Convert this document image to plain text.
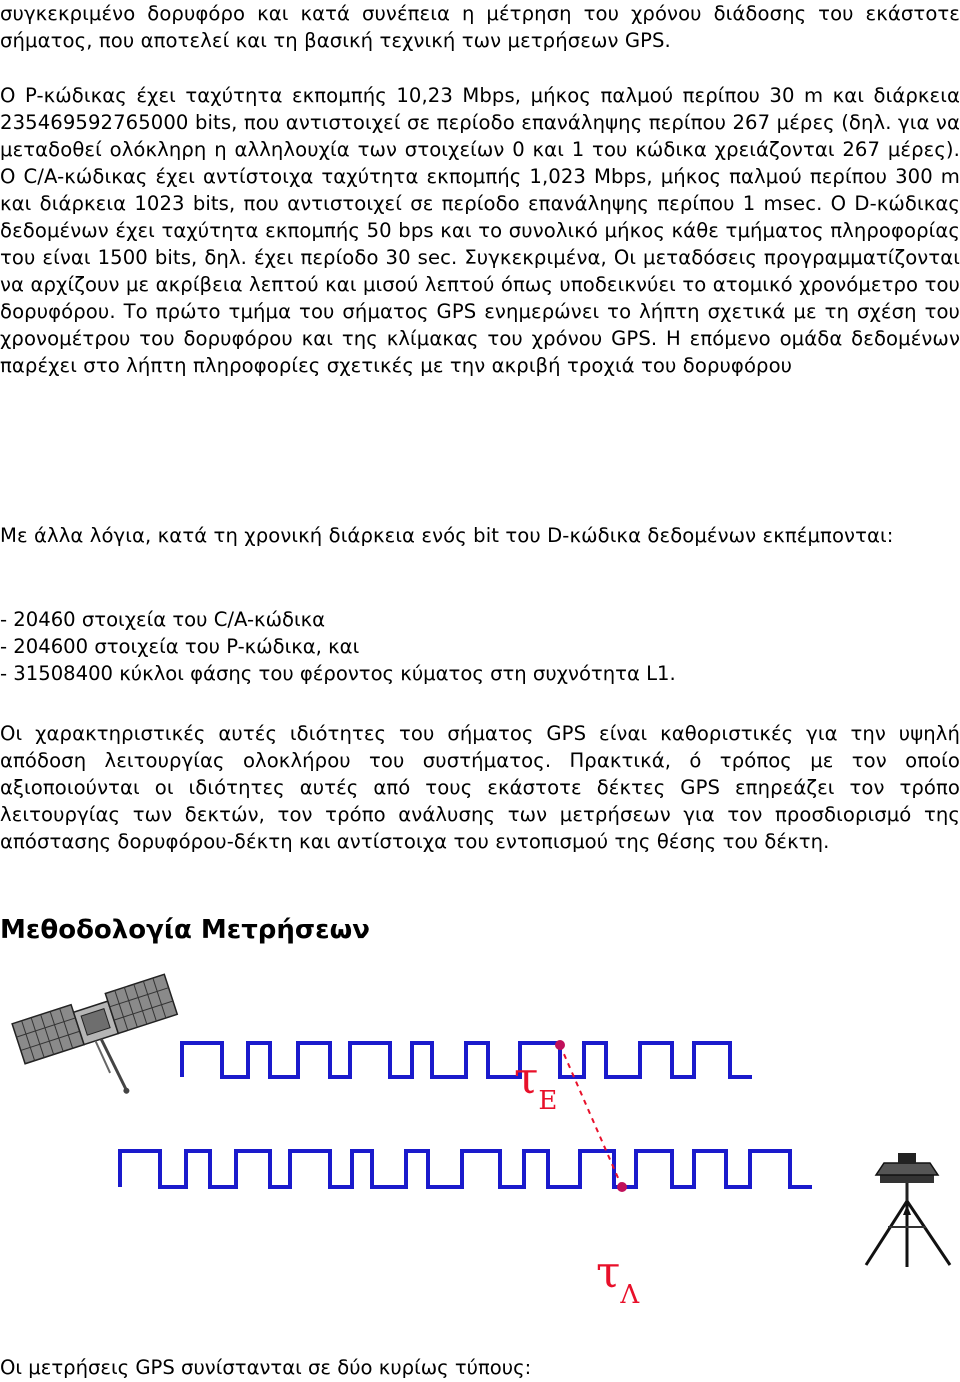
συγκεκριμένο δορυφόρο και κατά συνέπεια η μέτρηση του χρόνου διάδοσης του εκάστοτε σήματος, που αποτελεί και τη βασική τεχνική των μετρήσεων GPS.

Ο P-κώδικας έχει ταχύτητα εκπομπής 10,23 Mbps, μήκος παλμού περίπου 30 m και διάρκεια 235469592765000 bits, που αντιστοιχεί σε περίοδο επανάληψης περίπου 267 μέρες (δηλ. για να μεταδοθεί ολόκληρη η αλληλουχία των στοιχείων 0 και 1 του κώδικα χρειάζονται 267 μέρες). Ο C/A-κώδικας έχει αντίστοιχα ταχύτητα εκπομπής 1,023 Mbps, μήκος παλμού περίπου 300 m και διάρκεια 1023 bits, που αντιστοιχεί σε περίοδο επανάληψης περίπου 1 msec. Ο D-κώδικας δεδομένων έχει ταχύτητα εκπομπής 50 bps και το συνολικό μήκος κάθε τμήματος πληροφορίας του είναι 1500 bits, δηλ. έχει περίοδο 30 sec. Συγκεκριμένα, Οι μεταδόσεις προγραμματίζονται να αρχίζουν με ακρίβεια λεπτού και μισού λεπτού όπως υποδεικνύει το ατομικό χρονόμετρο του δορυφόρου. Το πρώτο τμήμα του σήματος GPS ενημερώνει το λήπτη σχετικά με τη σχέση του χρονομέτρου του δορυφόρου και της κλίμακας του χρόνου GPS. Η επόμενο ομάδα δεδομένων παρέχει στο λήπτη πληροφορίες σχετικές με την ακριβή τροχιά του δορυφόρου

Με άλλα λόγια, κατά τη χρονική διάρκεια ενός bit του D-κώδικα δεδομένων εκπέμπονται:

- 20460 στοιχεία του C/A-κώδικα
- 204600 στοιχεία του P-κώδικα, και
- 31508400 κύκλοι φάσης του φέροντος κύματος στη συχνότητα L1.

Οι χαρακτηριστικές αυτές ιδιότητες του σήματος GPS είναι καθοριστικές για την υψηλή απόδοση λειτουργίας ολοκλήρου του συστήματος. Πρακτικά, ό τρόπος με τον οποίο αξιοποιούνται οι ιδιότητες αυτές από τους εκάστοτε δέκτες GPS επηρεάζει τον τρόπο λειτουργίας των δεκτών, τον τρόπο ανάλυσης των μετρήσεων για τον προσδιορισμό της απόστασης δορυφόρου-δέκτη και αντίστοιχα του εντοπισμού της θέσης του δέκτη.

Μεθοδολογία Μετρήσεων
$\tau_E$
$\tau_\Lambda$
Οι μετρήσεις GPS συνίστανται σε δύο κυρίως τύπους:
